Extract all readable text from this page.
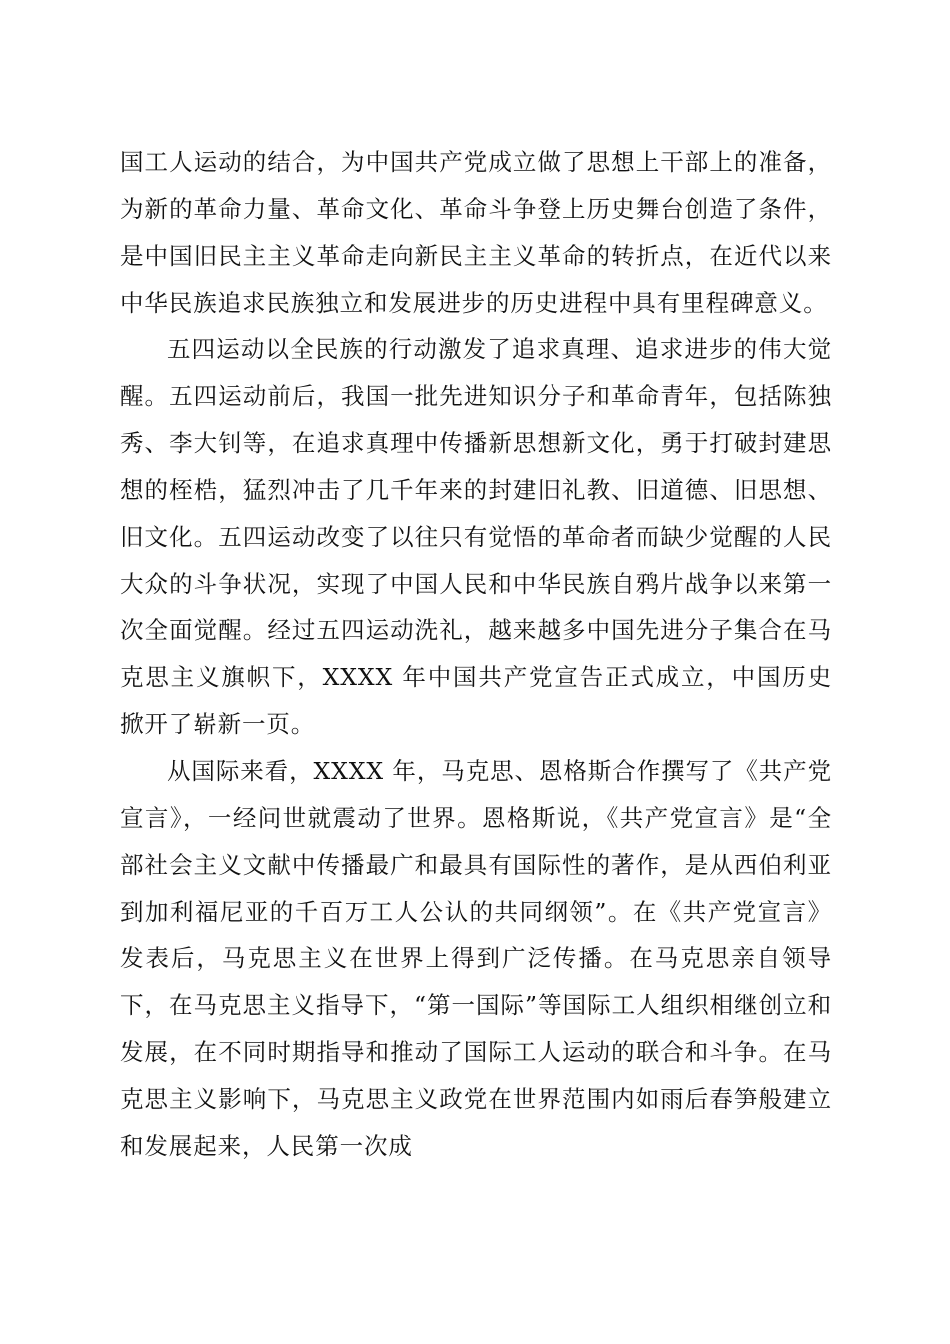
国工人运动的结合，为中国共产党成立做了思想上干部上的准备，为新的革命力量、革命文化、革命斗争登上历史舞台创造了条件，是中国旧民主主义革命走向新民主主义革命的转折点，在近代以来中华民族追求民族独立和发展进步的历史进程中具有里程碑意义。

五四运动以全民族的行动激发了追求真理、追求进步的伟大觉醒。五四运动前后，我国一批先进知识分子和革命青年，包括陈独秀、李大钊等，在追求真理中传播新思想新文化，勇于打破封建思想的桎梏，猛烈冲击了几千年来的封建旧礼教、旧道德、旧思想、旧文化。五四运动改变了以往只有觉悟的革命者而缺少觉醒的人民大众的斗争状况，实现了中国人民和中华民族自鸦片战争以来第一次全面觉醒。经过五四运动洗礼，越来越多中国先进分子集合在马克思主义旗帜下，XXXX 年中国共产党宣告正式成立，中国历史掀开了崭新一页。

从国际来看，XXXX 年，马克思、恩格斯合作撰写了《共产党宣言》，一经问世就震动了世界。恩格斯说，《共产党宣言》是“全部社会主义文献中传播最广和最具有国际性的著作，是从西伯利亚到加利福尼亚的千百万工人公认的共同纲领”。在《共产党宣言》发表后，马克思主义在世界上得到广泛传播。在马克思亲自领导下，在马克思主义指导下，“第一国际”等国际工人组织相继创立和发展，在不同时期指导和推动了国际工人运动的联合和斗争。在马克思主义影响下，马克思主义政党在世界范围内如雨后春笋般建立和发展起来，人民第一次成
